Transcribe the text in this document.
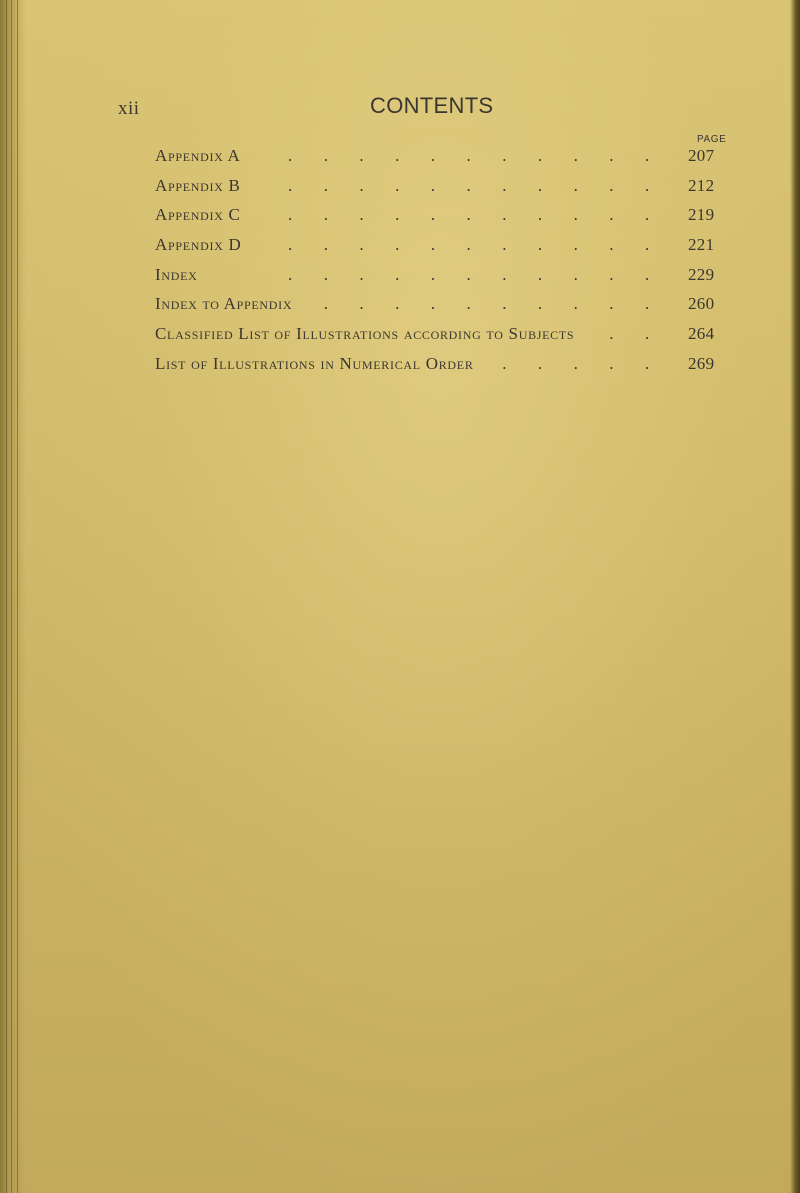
xii	CONTENTS
PAGE
. . . . . . . . . . .
Appendix A	207
. . . . . . . . . . .
Appendix B	212
. . . . . . . . . . .
Appendix C	219
. . . . . . . . . . .
Appendix D	221
. . . . . . . . . . .
Index	229
. . . . . . . . . .
Index to Appendix	260
. .
Classified List of Illustrations according to Subjects	264
. . . . .
List of Illustrations in Numerical Order	269
